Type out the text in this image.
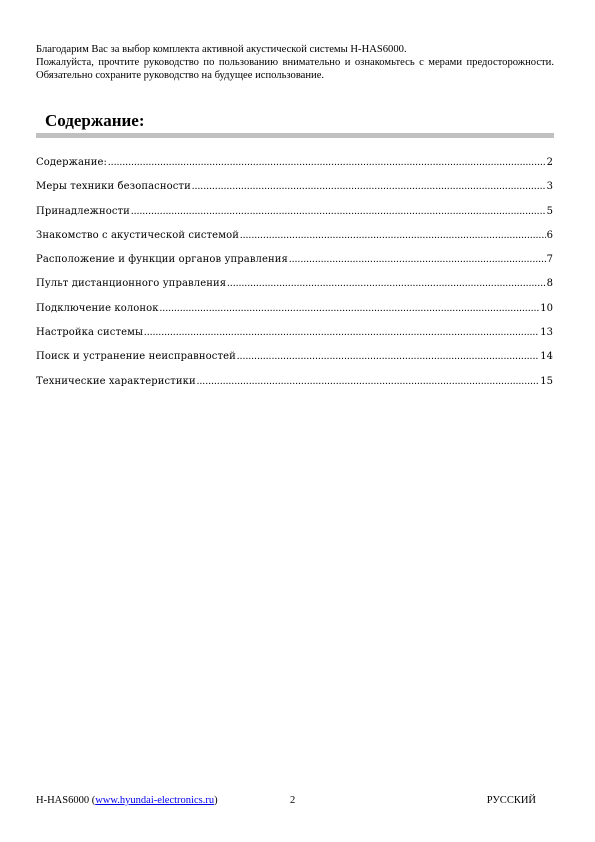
Благодарим Вас за выбор комплекта активной акустической системы H-HAS6000.

Пожалуйста, прочтите руководство по пользованию внимательно и ознакомьтесь с мерами предосторожности. Обязательно сохраните руководство на будущее использование.

Содержание:
Содержание: .....	2
Меры техники безопасности .....	3
Принадлежности .....	5
Знакомство с акустической системой .....	6
Расположение и функции органов управления .....	7
Пульт дистанционного управления .....	8
Подключение колонок .....	10
Настройка системы .....	13
Поиск и устранение неисправностей .....	14
Технические характеристики .....	15
H-HAS6000 (www.hyundai-electronics.ru)	2	РУССКИЙ
